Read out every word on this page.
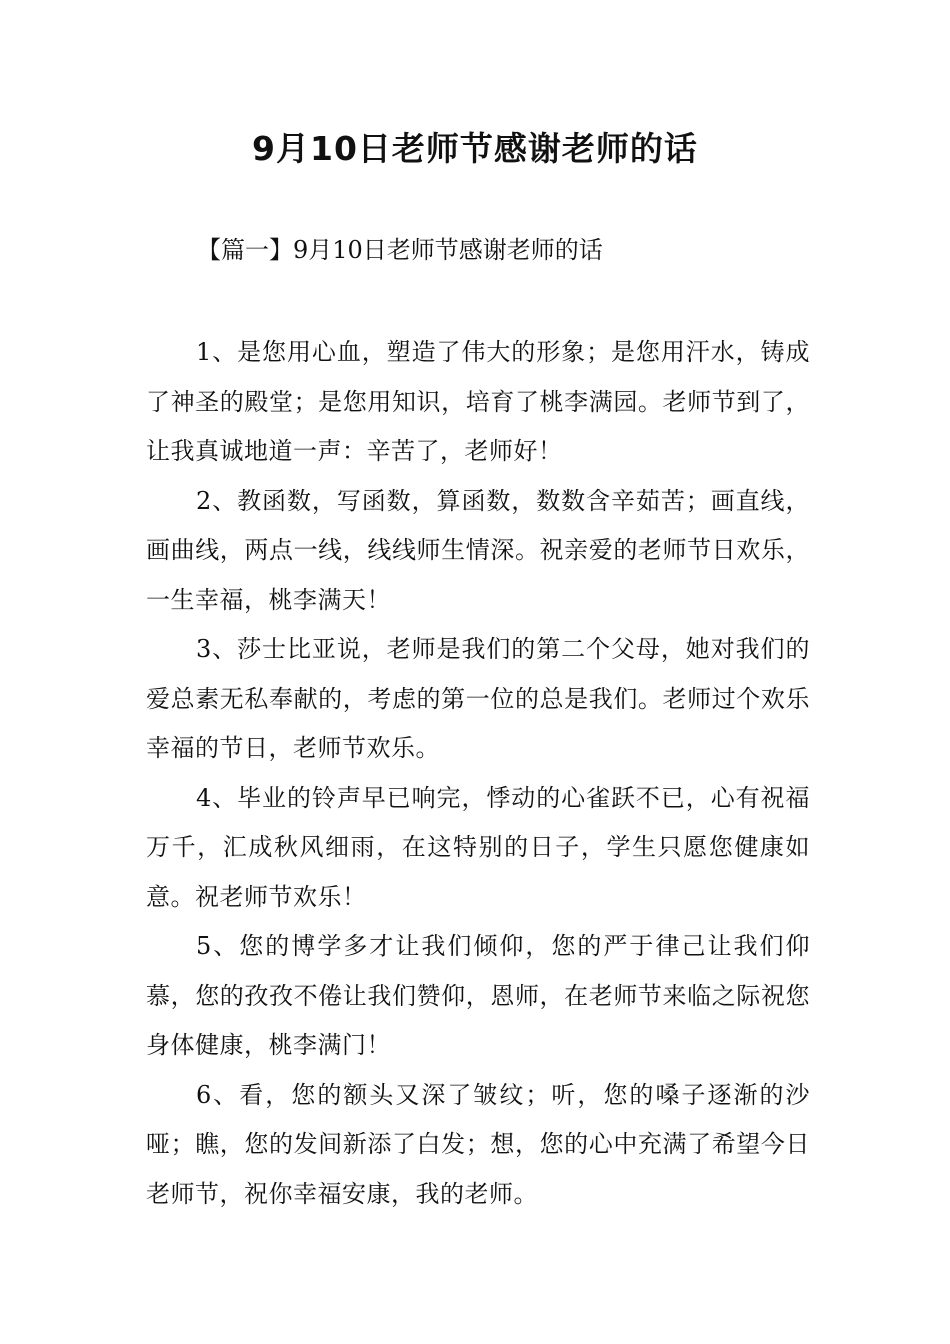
9月10日老师节感谢老师的话

【篇一】9月10日老师节感谢老师的话

1、是您用心血，塑造了伟大的形象；是您用汗水，铸成了神圣的殿堂；是您用知识，培育了桃李满园。老师节到了，让我真诚地道一声：辛苦了，老师好！

2、教函数，写函数，算函数，数数含辛茹苦；画直线，画曲线，两点一线，线线师生情深。祝亲爱的老师节日欢乐，一生幸福，桃李满天！

3、莎士比亚说，老师是我们的第二个父母，她对我们的爱总素无私奉献的，考虑的第一位的总是我们。老师过个欢乐幸福的节日，老师节欢乐。

4、毕业的铃声早已响完，悸动的心雀跃不已，心有祝福万千，汇成秋风细雨，在这特别的日子，学生只愿您健康如意。祝老师节欢乐！

5、您的博学多才让我们倾仰，您的严于律己让我们仰慕，您的孜孜不倦让我们赞仰，恩师，在老师节来临之际祝您身体健康，桃李满门！

6、看，您的额头又深了皱纹；听，您的嗓子逐渐的沙哑；瞧，您的发间新添了白发；想，您的心中充满了希望今日老师节，祝你幸福安康，我的老师。
